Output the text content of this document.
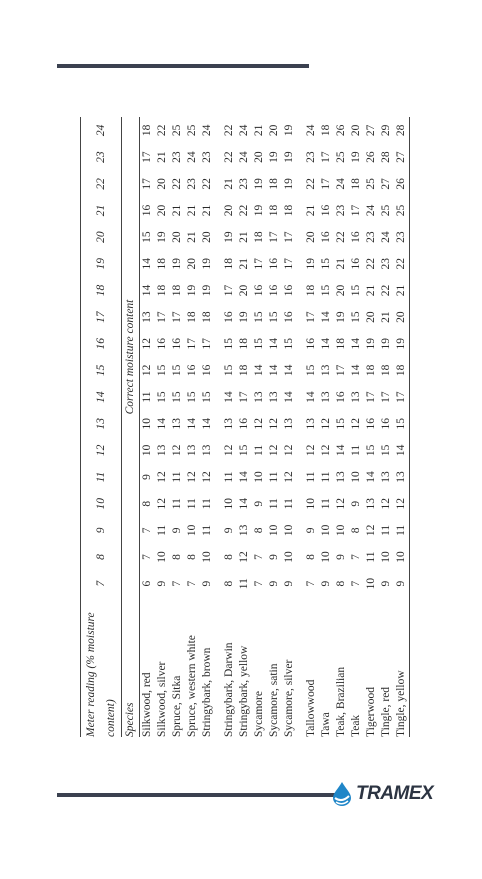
Meter reading (% moisture content)	7	8	9	10	11	12	13	14	15	16	17	18	19	20	21	22	23	24
Species	Correct moisture content																	
Silkwood, red	6	7	7	8	9	10	10	11	12	12	13	14	14	15	16	17	17	18
Silkwood, silver	9	10	11	12	12	13	14	15	15	16	17	18	18	19	20	20	21	22
Spruce, Sitka	7	8	9	11	11	12	13	15	15	16	17	18	19	20	21	22	23	25
Spruce, western white	7	8	10	11	12	13	14	15	16	17	18	19	20	21	21	23	24	25
Stringybark, brown	9	10	11	11	12	13	14	15	16	17	18	19	19	20	21	22	23	24

Stringybark, Darwin	8	8	9	10	11	12	13	14	15	15	16	17	18	19	20	21	22	22
Stringybark, yellow	11	12	13	14	14	15	16	17	18	18	19	20	21	21	22	23	24	24
Sycamore	7	7	8	9	10	11	12	13	14	15	15	16	17	18	19	19	20	21
Sycamore, satin	9	9	10	11	11	12	12	13	14	14	15	16	16	17	18	18	19	20
Sycamore, silver	9	10	10	11	12	12	13	14	14	15	16	16	17	17	18	19	19	19

Tallowwood	7	8	9	10	11	12	13	14	15	16	17	18	19	20	21	22	23	24
Tawa	9	10	10	11	11	12	12	13	13	14	14	15	15	16	16	17	17	18
Teak, Brazilian	8	9	10	12	13	14	15	16	17	18	19	20	21	22	23	24	25	26
Teak	7	7	8	9	10	11	12	13	14	14	15	15	16	16	17	18	19	20
Tigerwood	10	11	12	13	14	15	16	17	18	19	20	21	22	23	24	25	26	27
Tingle, red	9	10	11	12	13	15	16	17	18	19	21	22	23	24	25	27	28	29
Tingle, yellow	9	10	11	12	13	14	15	17	18	19	20	21	22	23	25	26	27	28
TRAMEX
